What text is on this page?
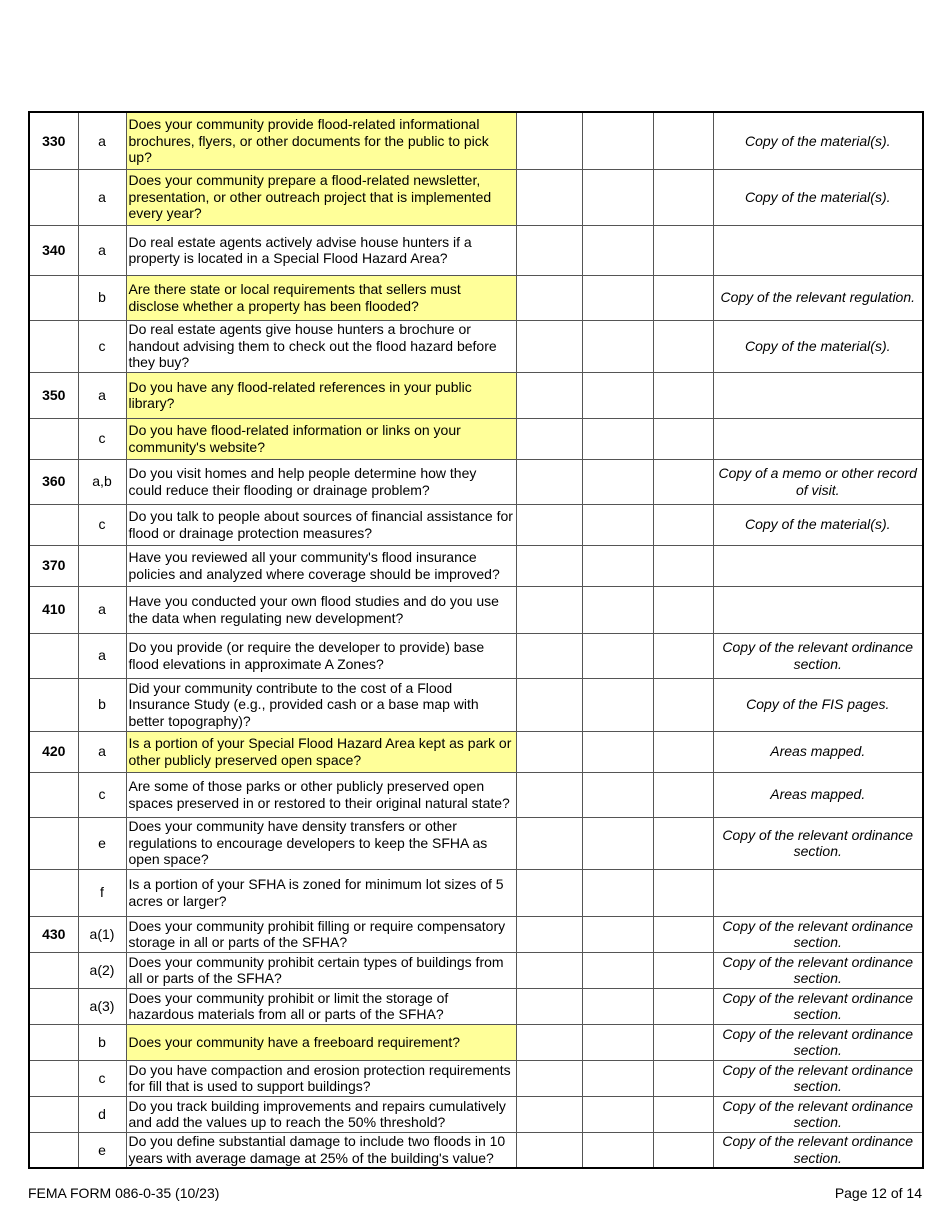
330	a	Does your community provide flood-related informational brochures, flyers, or other documents for the public to pick up?				Copy of the material(s).
	a	Does your community prepare a flood-related newsletter, presentation, or other outreach project that is implemented every year?				Copy of the material(s).
340	a	Do real estate agents actively advise house hunters if a property is located in a Special Flood Hazard Area?				
	b	Are there state or local requirements that sellers must disclose whether a property has been flooded?				Copy of the relevant regulation.
	c	Do real estate agents give house hunters a brochure or handout advising them to check out the flood hazard before they buy?				Copy of the material(s).
350	a	Do you have any flood-related references in your public library?				
	c	Do you have flood-related information or links on your community's website?				
360	a,b	Do you visit homes and help people determine how they could reduce their flooding or drainage problem?				Copy of a memo or other record of visit.
	c	Do you talk to people about sources of financial assistance for flood or drainage protection measures?				Copy of the material(s).
370		Have you reviewed all your community's flood insurance policies and analyzed where coverage should be improved?				
410	a	Have you conducted your own flood studies and do you use the data when regulating new development?				
	a	Do you provide (or require the developer to provide) base flood elevations in approximate A Zones?				Copy of the relevant ordinance section.
	b	Did your community contribute to the cost of a Flood Insurance Study (e.g., provided cash or a base map with better topography)?				Copy of the FIS pages.
420	a	Is a portion of your Special Flood Hazard Area kept as park or other publicly preserved open space?				Areas mapped.
	c	Are some of those parks or other publicly preserved open spaces preserved in or restored to their original natural state?				Areas mapped.
	e	Does your community have density transfers or other regulations to encourage developers to keep the SFHA as open space?				Copy of the relevant ordinance section.
	f	Is a portion of your SFHA is zoned for minimum lot sizes of 5 acres or larger?				
430	a(1)	Does your community prohibit filling or require compensatory storage in all or parts of the SFHA?				Copy of the relevant ordinance section.
	a(2)	Does your community prohibit certain types of buildings from all or parts of the SFHA?				Copy of the relevant ordinance section.
	a(3)	Does your community prohibit or limit the storage of hazardous materials from all or parts of the SFHA?				Copy of the relevant ordinance section.
	b	Does your community have a freeboard requirement?				Copy of the relevant ordinance section.
	c	Do you have compaction and erosion protection requirements for fill that is used to support buildings?				Copy of the relevant ordinance section.
	d	Do you track building improvements and repairs cumulatively and add the values up to reach the 50% threshold?				Copy of the relevant ordinance section.
	e	Do you define substantial damage to include two floods in 10 years with average damage at 25% of the building's value?				Copy of the relevant ordinance section.
FEMA FORM 086-0-35 (10/23)	Page 12 of 14
